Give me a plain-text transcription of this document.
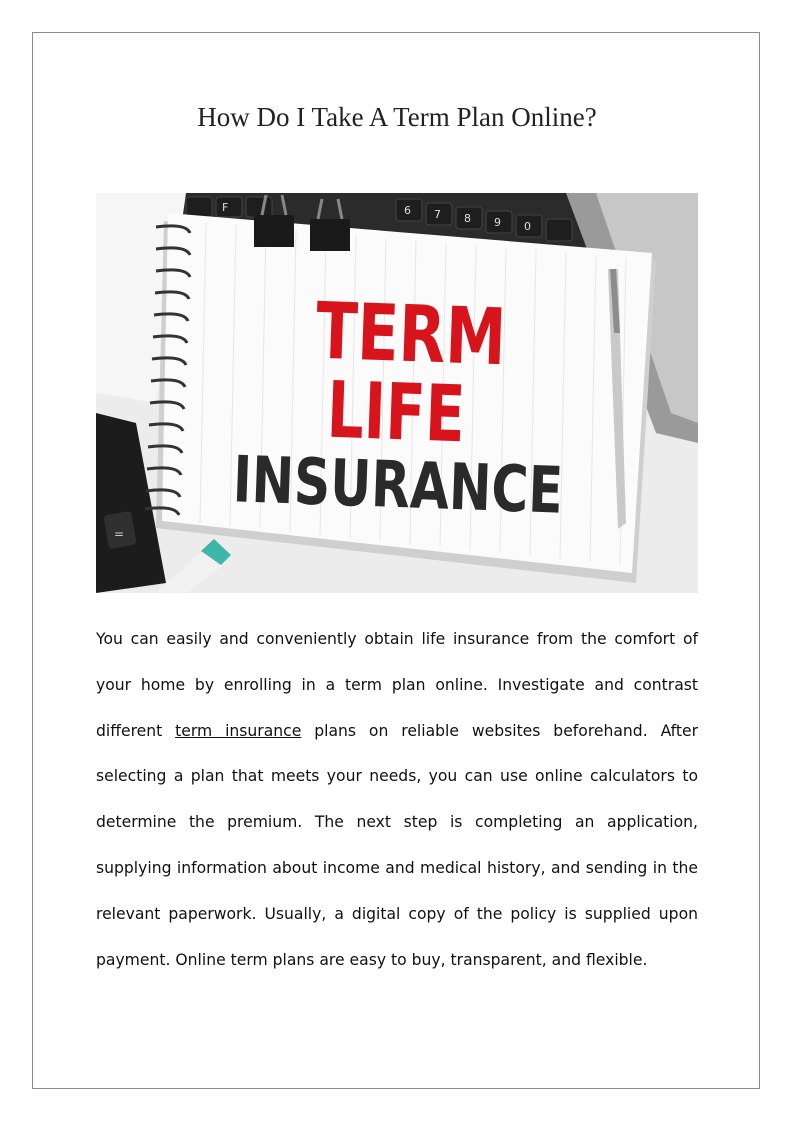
How Do I Take A Term Plan Online?
6 7 8 9 0
F
=
TERM
LIFE
INSURANCE

You can easily and conveniently obtain life insurance from the comfort of your home by enrolling in a term plan online. Investigate and contrast different term insurance plans on reliable websites beforehand. After selecting a plan that meets your needs, you can use online calculators to determine the premium. The next step is completing an application, supplying information about income and medical history, and sending in the relevant paperwork. Usually, a digital copy of the policy is supplied upon payment. Online term plans are easy to buy, transparent, and flexible.
